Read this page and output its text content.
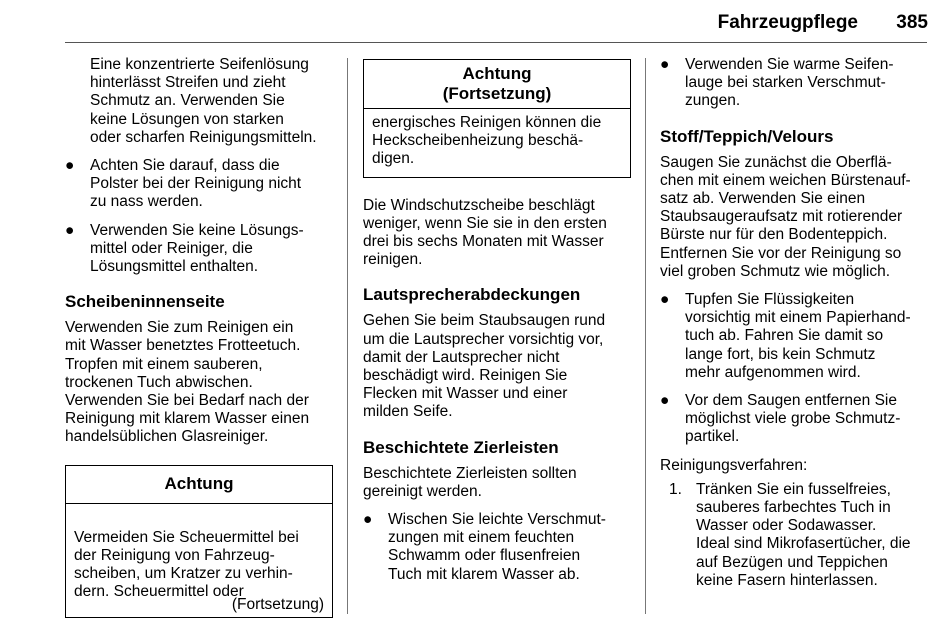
Fahrzeugpflege 385

Eine konzentrierte Seifenlösung
hinterlässt Streifen und zieht
Schmutz an. Verwenden Sie
keine Lösungen von starken
oder scharfen Reinigungsmitteln.

● Achten Sie darauf, dass die
Polster bei der Reinigung nicht
zu nass werden.
● Verwenden Sie keine Lösungs-
mittel oder Reiniger, die
Lösungsmittel enthalten.
Scheibeninnenseite

Verwenden Sie zum Reinigen ein
mit Wasser benetztes Frotteetuch.
Tropfen mit einem sauberen,
trockenen Tuch abwischen.
Verwenden Sie bei Bedarf nach der
Reinigung mit klarem Wasser einen
handelsüblichen Glasreiniger.

Achtung

Vermeiden Sie Scheuermittel bei
der Reinigung von Fahrzeug-
scheiben, um Kratzer zu verhin-
dern. Scheuermittel oder

(Fortsetzung)

Achtung
(Fortsetzung)
energisches Reinigen können die
Heckscheibenheizung beschä-
digen.

Die Windschutzscheibe beschlägt
weniger, wenn Sie sie in den ersten
drei bis sechs Monaten mit Wasser
reinigen.

Lautsprecherabdeckungen

Gehen Sie beim Staubsaugen rund
um die Lautsprecher vorsichtig vor,
damit der Lautsprecher nicht
beschädigt wird. Reinigen Sie
Flecken mit Wasser und einer
milden Seife.

Beschichtete Zierleisten

Beschichtete Zierleisten sollten
gereinigt werden.

● Wischen Sie leichte Verschmut-
zungen mit einem feuchten
Schwamm oder flusenfreien
Tuch mit klarem Wasser ab.
● Verwenden Sie warme Seifen-
lauge bei starken Verschmut-
zungen.
Stoff/Teppich/Velours

Saugen Sie zunächst die Oberflä-
chen mit einem weichen Bürstenauf-
satz ab. Verwenden Sie einen
Staubsaugeraufsatz mit rotierender
Bürste nur für den Bodenteppich.
Entfernen Sie vor der Reinigung so
viel groben Schmutz wie möglich.

● Tupfen Sie Flüssigkeiten
vorsichtig mit einem Papierhand-
tuch ab. Fahren Sie damit so
lange fort, bis kein Schmutz
mehr aufgenommen wird.
● Vor dem Saugen entfernen Sie
möglichst viele grobe Schmutz-
partikel.

Reinigungsverfahren:

1. Tränken Sie ein fusselfreies,
sauberes farbechtes Tuch in
Wasser oder Sodawasser.
Ideal sind Mikrofasertücher, die
auf Bezügen und Teppichen
keine Fasern hinterlassen.
